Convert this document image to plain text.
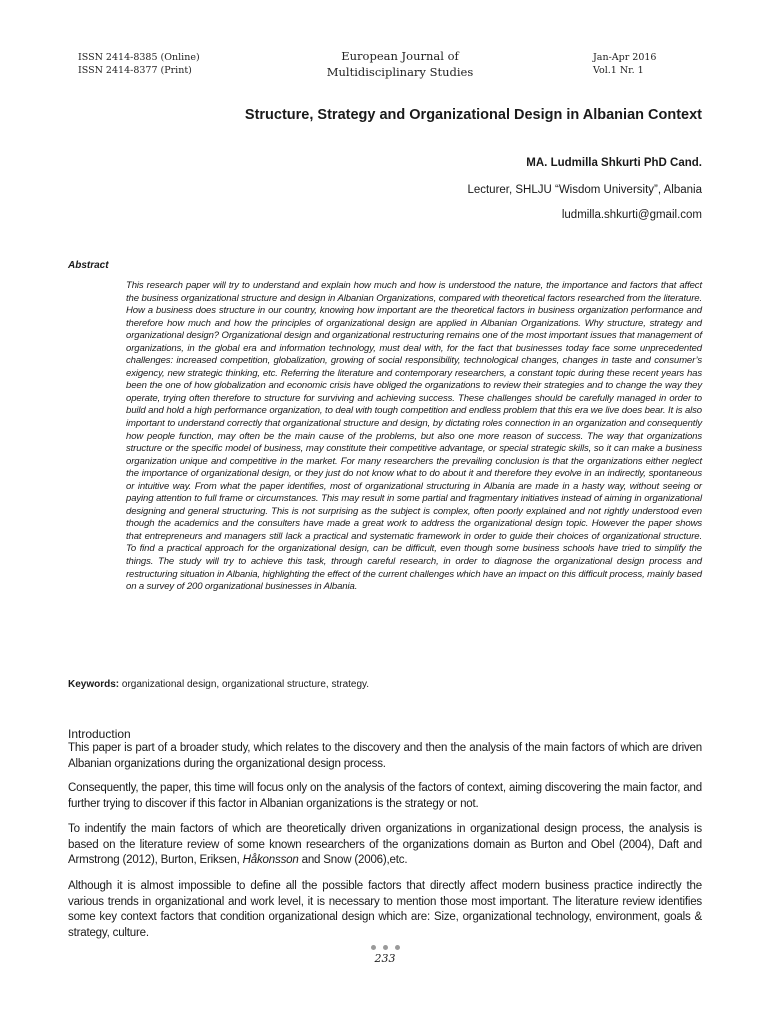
ISSN 2414-8385 (Online)
ISSN 2414-8377 (Print)
European Journal of
Multidisciplinary Studies
Jan-Apr 2016
Vol.1 Nr. 1
Structure, Strategy and Organizational Design in Albanian Context
MA. Ludmilla Shkurti PhD Cand.
Lecturer, SHLJU “Wisdom University”, Albania
ludmilla.shkurti@gmail.com
Abstract
This research paper will try to understand and explain how much and how is understood the nature, the importance and factors that affect the business organizational structure and design in Albanian Organizations, compared with theoretical factors researched from the literature. How a business does structure in our country, knowing how important are the theoretical factors in business organization performance and therefore how much and how the principles of organizational design are applied in Albanian Organizations. Why structure, strategy and organizational design? Organizational design and organizational restructuring remains one of the most important issues that management of organizations, in the global era and information technology, must deal with, for the fact that businesses today face some unprecedented challenges: increased competition, globalization, growing of social responsibility, technological changes, changes in taste and consumer’s exigency, new strategic thinking, etc. Referring the literature and contemporary researchers, a constant topic during these recent years has been the one of how globalization and economic crisis have obliged the organizations to review their strategies and to change the way they operate, trying often therefore to structure for surviving and achieving success. These challenges should be carefully managed in order to build and hold a high performance organization, to deal with tough competition and endless problem that this era we live does bear. It is also important to understand correctly that organizational structure and design, by dictating roles connection in an organization and consequently how people function, may often be the main cause of the problems, but also one more reason of success. The way that organizations structure or the specific model of business, may constitute their competitive advantage, or special strategic skills, so it can make a business organization unique and competitive in the market. For many researchers the prevailing conclusion is that the organizations either neglect the importance of organizational design, or they just do not know what to do about it and therefore they evolve in an indirectly, spontaneous or intuitive way. From what the paper identifies, most of organizational structuring in Albania are made in a hasty way, without seeing or paying attention to full frame or circumstances. This may result in some partial and fragmentary initiatives instead of aiming in organizational designing and general structuring. This is not surprising as the subject is complex, often poorly explained and not rightly understood even though the academics and the consulters have made a great work to address the organizational design topic. However the paper shows that entrepreneurs and managers still lack a practical and systematic framework in order to guide their choices of organizational structure. To find a practical approach for the organizational design, can be difficult, even though some business schools have tried to simplify the things. The study will try to achieve this task, through careful research, in order to diagnose the organizational design process and restructuring situation in Albania, highlighting the effect of the current challenges which have an impact on this difficult process, mainly based on a survey of 200 organizational businesses in Albania.
Keywords: organizational design, organizational structure, strategy.
Introduction

This paper is part of a broader study, which relates to the discovery and then the analysis of the main factors of which are driven Albanian organizations during the organizational design process.

Consequently, the paper, this time will focus only on the analysis of the factors of context, aiming discovering the main factor, and further trying to discover if this factor in Albanian organizations is the strategy or not.

To indentify the main factors of which are theoretically driven organizations in organizational design process, the analysis is based on the literature review of some known researchers of the organizations domain as Burton and Obel (2004), Daft and Armstrong (2012), Burton, Eriksen, Håkonsson and Snow (2006),etc.

Although it is almost impossible to define all the possible factors that directly affect modern business practice indirectly the various trends in organizational and work level, it is necessary to mention those most important. The literature review identifies some key context factors that condition organizational design which are: Size, organizational technology, environment, goals & strategy, culture.

233
